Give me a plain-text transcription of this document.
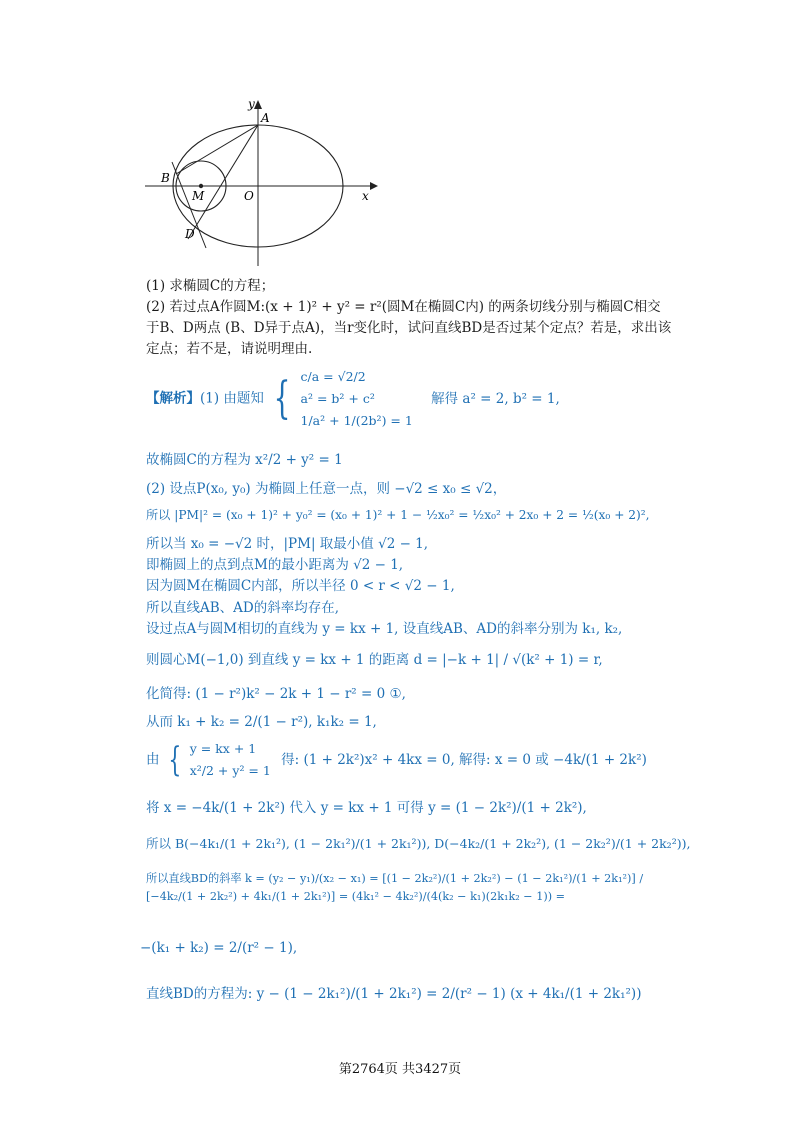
y
A
B
M	O	x
D
(1) 求椭圆C的方程；
(2) 若过点A作圆M:(x + 1)² + y² = r²(圆M在椭圆C内) 的两条切线分别与椭圆C相交
于B、D两点 (B、D异于点A)，当r变化时，试问直线BD是否过某个定点？若是，求出该
定点；若不是，请说明理由.
【解析】(1) 由题知 { c/a = √2/2
a² = b² + c²
1/a² + 1/(2b²) = 1
解得 a² = 2, b² = 1,
故椭圆C的方程为 x²/2 + y² = 1
(2) 设点P(x₀, y₀) 为椭圆上任意一点，则 −√2 ≤ x₀ ≤ √2，
所以 |PM|² = (x₀ + 1)² + y₀² = (x₀ + 1)² + 1 − ½x₀² = ½x₀² + 2x₀ + 2 = ½(x₀ + 2)²,
所以当 x₀ = −√2 时，|PM| 取最小值 √2 − 1,
即椭圆上的点到点M的最小距离为 √2 − 1,
因为圆M在椭圆C内部，所以半径 0 < r < √2 − 1,
所以直线AB、AD的斜率均存在,
设过点A与圆M相切的直线为 y = kx + 1, 设直线AB、AD的斜率分别为 k₁, k₂,
则圆心M(−1,0) 到直线 y = kx + 1 的距离 d = |−k + 1| / √(k² + 1) = r,
化简得: (1 − r²)k² − 2k + 1 − r² = 0 ①,
从而 k₁ + k₂ = 2/(1 − r²), k₁k₂ = 1,
由 { y = kx + 1
x²/2 + y² = 1
得: (1 + 2k²)x² + 4kx = 0, 解得: x = 0 或 −4k/(1 + 2k²)
将 x = −4k/(1 + 2k²) 代入 y = kx + 1 可得 y = (1 − 2k²)/(1 + 2k²),
所以 B(−4k₁/(1 + 2k₁²), (1 − 2k₁²)/(1 + 2k₁²)), D(−4k₂/(1 + 2k₂²), (1 − 2k₂²)/(1 + 2k₂²)),
所以直线BD的斜率 k = (y₂ − y₁)/(x₂ − x₁) = [(1 − 2k₂²)/(1 + 2k₂²) − (1 − 2k₁²)/(1 + 2k₁²)] / [−4k₂/(1 + 2k₂²) + 4k₁/(1 + 2k₁²)] = (4k₁² − 4k₂²)/(4(k₂ − k₁)(2k₁k₂ − 1)) =
−(k₁ + k₂) = 2/(r² − 1),
直线BD的方程为: y − (1 − 2k₁²)/(1 + 2k₁²) = 2/(r² − 1) (x + 4k₁/(1 + 2k₁²))
第2764页 共3427页
